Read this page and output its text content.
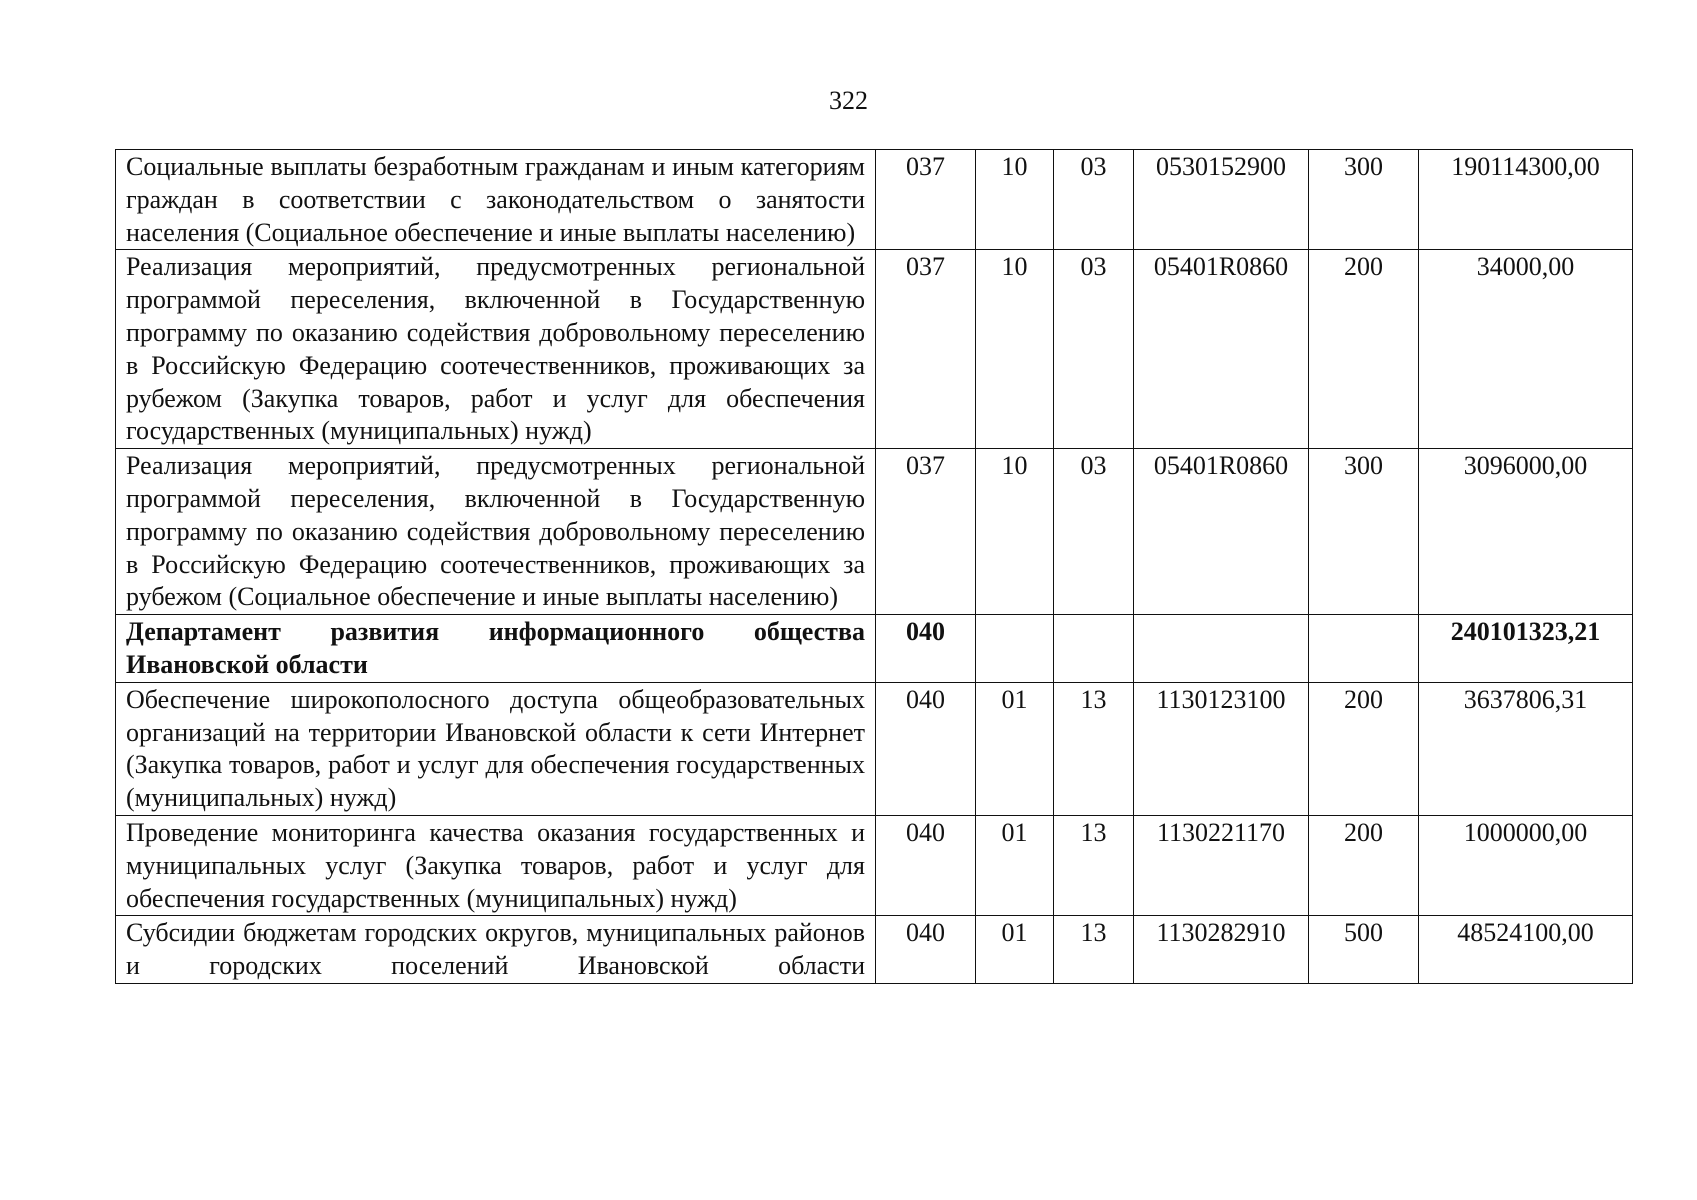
322
Социальные выплаты безработным гражданам и иным категориям граждан в соответствии с законодательством о занятости населения (Социальное обеспечение и иные выплаты населению)	037	10	03	0530152900	300	190114300,00
Реализация мероприятий, предусмотренных региональной программой переселения, включенной в Государственную программу по оказанию содействия добровольному переселению в Российскую Федерацию соотечественников, проживающих за рубежом (Закупка товаров, работ и услуг для обеспечения государственных (муниципальных) нужд)	037	10	03	05401R0860	200	34000,00
Реализация мероприятий, предусмотренных региональной программой переселения, включенной в Государственную программу по оказанию содействия добровольному переселению в Российскую Федерацию соотечественников, проживающих за рубежом (Социальное обеспечение и иные выплаты населению)	037	10	03	05401R0860	300	3096000,00
Департамент развития информационного общества Ивановской области	040					240101323,21
Обеспечение широкополосного доступа общеобразовательных организаций на территории Ивановской области к сети Интернет (Закупка товаров, работ и услуг для обеспечения государственных (муниципальных) нужд)	040	01	13	1130123100	200	3637806,31
Проведение мониторинга качества оказания государственных и муниципальных услуг (Закупка товаров, работ и услуг для обеспечения государственных (муниципальных) нужд)	040	01	13	1130221170	200	1000000,00
Субсидии бюджетам городских округов, муниципальных районов и городских поселений Ивановской области	040	01	13	1130282910	500	48524100,00
